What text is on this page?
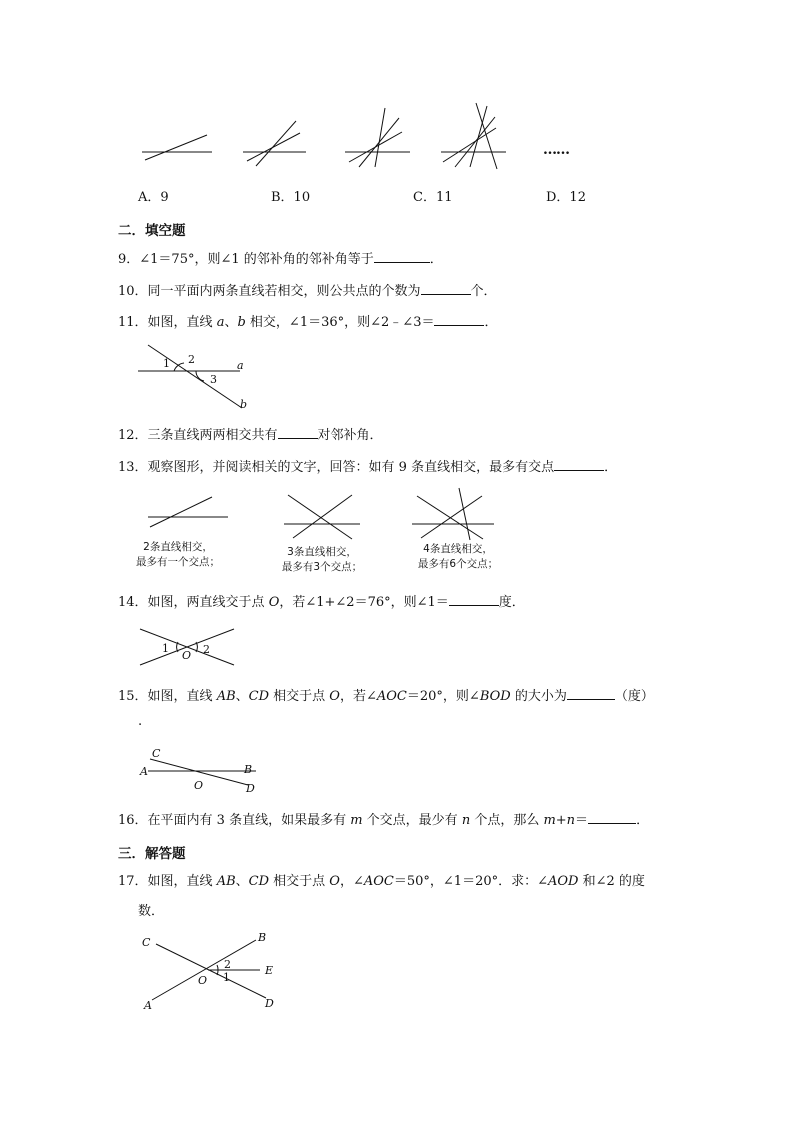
……
A．9	B．10	C．11	D．12
二．填空题
9．∠1＝75°，则∠1 的邻补角的邻补角等于	．
10．同一平面内两条直线若相交，则公共点的个数为	个．
11．如图，直线 a、b 相交，∠1＝36°，则∠2﹣∠3＝	．
1 2
3
a
b
12．三条直线两两相交共有	对邻补角．
13．观察图形，并阅读相关的文字，回答：如有 9 条直线相交，最多有交点	．
2条直线相交，
最多有一个交点；
3条直线相交，
最多有3个交点；
4条直线相交，
最多有6个交点；
14．如图，两直线交于点 O，若∠1+∠2＝76°，则∠1＝	度．
1	2
O
15．如图，直线 AB、CD 相交于点 O，若∠AOC＝20°，则∠BOD 的大小为	（度）
.
C
A	B
O	D
16．在平面内有 3 条直线，如果最多有 m 个交点，最少有 n 个点，那么 m+n＝	．
三．解答题
17．如图，直线 AB、CD 相交于点 O，∠AOC＝50°，∠1＝20°．求：∠AOD 和∠2 的度
数．
C	B
E
O
2
1
A	D
